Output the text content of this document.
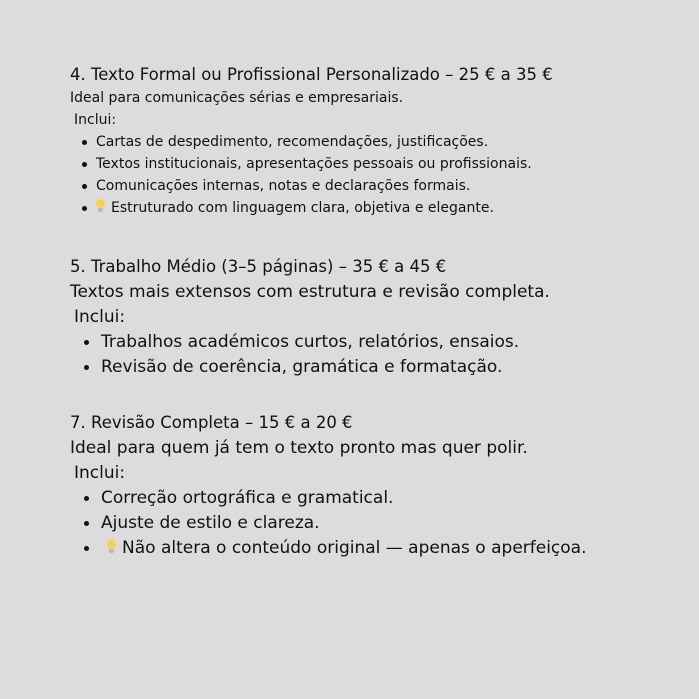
4. Texto Formal ou Profissional Personalizado – 25 € a 35 €

Ideal para comunicações sérias e empresariais.

Inclui:
Cartas de despedimento, recomendações, justificações.
Textos institucionais, apresentações pessoais ou profissionais.
Comunicações internas, notas e declarações formais.
Estruturado com linguagem clara, objetiva e elegante.
5. Trabalho Médio (3–5 páginas) – 35 € a 45 €

Textos mais extensos com estrutura e revisão completa.

Inclui:
Trabalhos académicos curtos, relatórios, ensaios.
Revisão de coerência, gramática e formatação.
7. Revisão Completa – 15 € a 20 €

Ideal para quem já tem o texto pronto mas quer polir.

Inclui:
Correção ortográfica e gramatical.
Ajuste de estilo e clareza.
Não altera o conteúdo original — apenas o aperfeiçoa.
